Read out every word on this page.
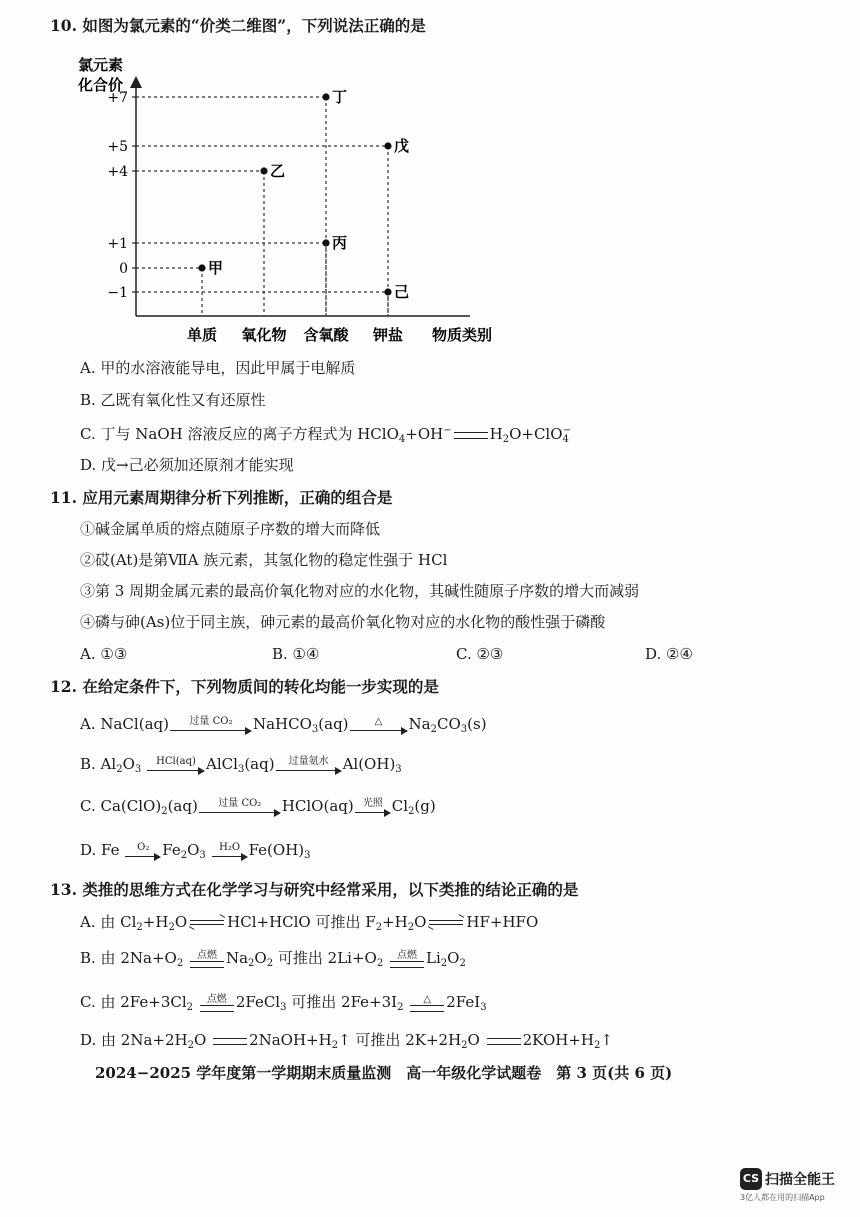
10. 如图为氯元素的“价类二维图”，下列说法正确的是
氯元素
化合价
+7
+5
+4
+1
0
−1
甲
乙
丙
丁
戊
己
单质 氧化物 含氧酸 钾盐 物质类别
A. 甲的水溶液能导电，因此甲属于电解质
B. 乙既有氧化性又有还原性
C. 丁与 NaOH 溶液反应的离子方程式为 HClO$_4$+OH−	$H_2O+ClO_4^-$
D. 戊→己必须加还原剂才能实现
11. 应用元素周期律分析下列推断，正确的组合是
①碱金属单质的熔点随原子序数的增大而降低
②砹(At)是第ⅦA 族元素，其氢化物的稳定性强于 HCl
③第 3 周期金属元素的最高价氧化物对应的水化物，其碱性随原子序数的增大而减弱
④磷与砷(As)位于同主族，砷元素的最高价氧化物对应的水化物的酸性强于磷酸
A. ①③	B. ①④	C. ②③	D. ②④
12. 在给定条件下，下列物质间的转化均能一步实现的是
A. NaCl(aq)	过量 CO₂	NaHCO$_3$(aq)	△	$Na_2CO_3(s)$
B. $Al_2O_3$
HCl(aq) AlCl$_3$(aq)	过量氨水 $Al(OH)_3$
C. $Ca(ClO)_2(aq)$	过量 CO₂	HClO(aq) 光照 $Cl_2(g)$
D. Fe	O₂ $Fe_2O_3$
H₂O $Fe(OH)_3$
13. 类推的思维方式在化学学习与研究中经常采用，以下类推的结论正确的是
A. 由 $Cl_2+H_2O$	HCl+HClO 可推出 $F_2+H_2O$	HF+HFO
B. 由 $2Na+O_2$
点燃 $Na_2O_2$ 可推出 $2Li+O_2$
点燃 $Li_2O_2$
C. 由 $2Fe+3Cl_2$
点燃 2FeCl$_3$ 可推出 $2Fe+3I_2$
△	2FeI$_3$
D. 由 $2Na+2H_2O$	$2NaOH+H_2↑$ 可推出 $2K+2H_2O$	$2KOH+H_2↑$
2024−2025 学年度第一学期期末质量监测　高一年级化学试题卷　第 3 页(共 6 页)
CS 扫描全能王
3亿人都在用的扫描App
